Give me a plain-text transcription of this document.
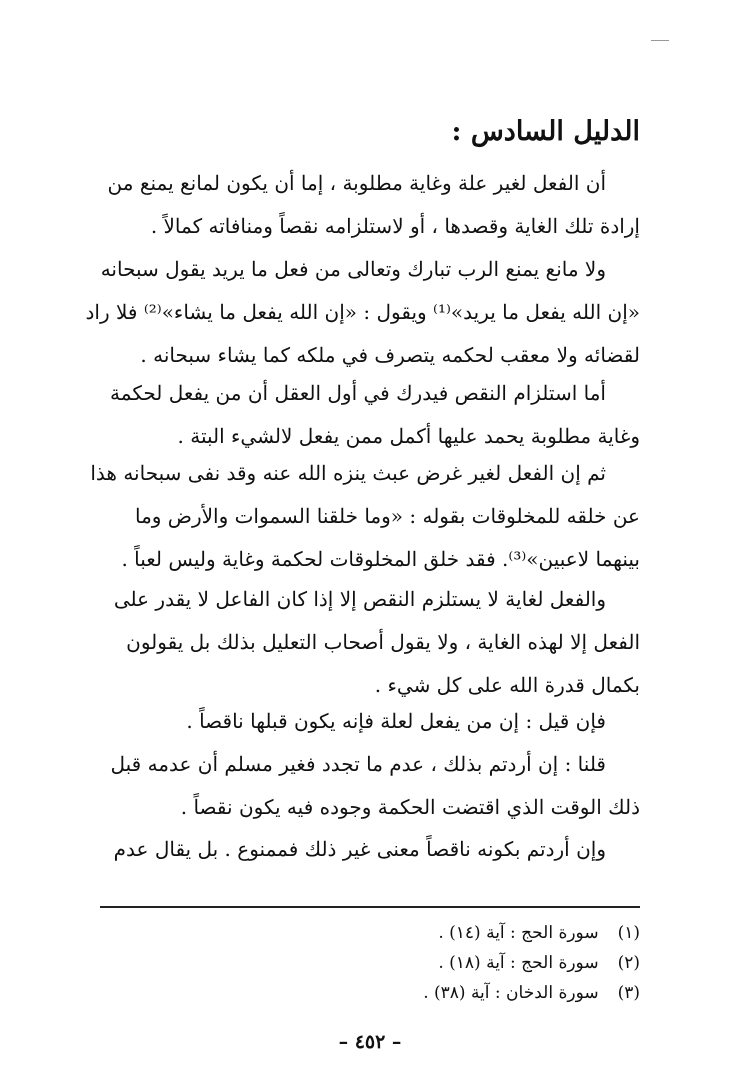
الدليل السادس :
أن الفعل لغير علة وغاية مطلوبة ، إما أن يكون لمانع يمنع من
إرادة تلك الغاية وقصدها ، أو لاستلزامه نقصاً ومنافاته كمالاً .
ولا مانع يمنع الرب تبارك وتعالى من فعل ما يريد يقول سبحانه
«إن الله يفعل ما يريد»⁽¹⁾ ويقول : «إن الله يفعل ما يشاء»⁽²⁾ فلا راد
لقضائه ولا معقب لحكمه يتصرف في ملكه كما يشاء سبحانه .
أما استلزام النقص فيدرك في أول العقل أن من يفعل لحكمة
وغاية مطلوبة يحمد عليها أكمل ممن يفعل لالشيء البتة .
ثم إن الفعل لغير غرض عبث ينزه الله عنه وقد نفى سبحانه هذا
عن خلقه للمخلوقات بقوله : «وما خلقنا السموات والأرض وما
بينهما لاعبين»⁽³⁾. فقد خلق المخلوقات لحكمة وغاية وليس لعباً .
والفعل لغاية لا يستلزم النقص إلا إذا كان الفاعل لا يقدر على
الفعل إلا لهذه الغاية ، ولا يقول أصحاب التعليل بذلك بل يقولون
بكمال قدرة الله على كل شيء .
فإن قيل : إن من يفعل لعلة فإنه يكون قبلها ناقصاً .
قلنا : إن أردتم بذلك ، عدم ما تجدد فغير مسلم أن عدمه قبل
ذلك الوقت الذي اقتضت الحكمة وجوده فيه يكون نقصاً .
وإن أردتم بكونه ناقصاً معنى غير ذلك فممنوع . بل يقال عدم
(١) سورة الحج : آية (١٤) .
(٢) سورة الحج : آية (١٨) .
(٣) سورة الدخان : آية (٣٨) .
– ٤٥٢ –
